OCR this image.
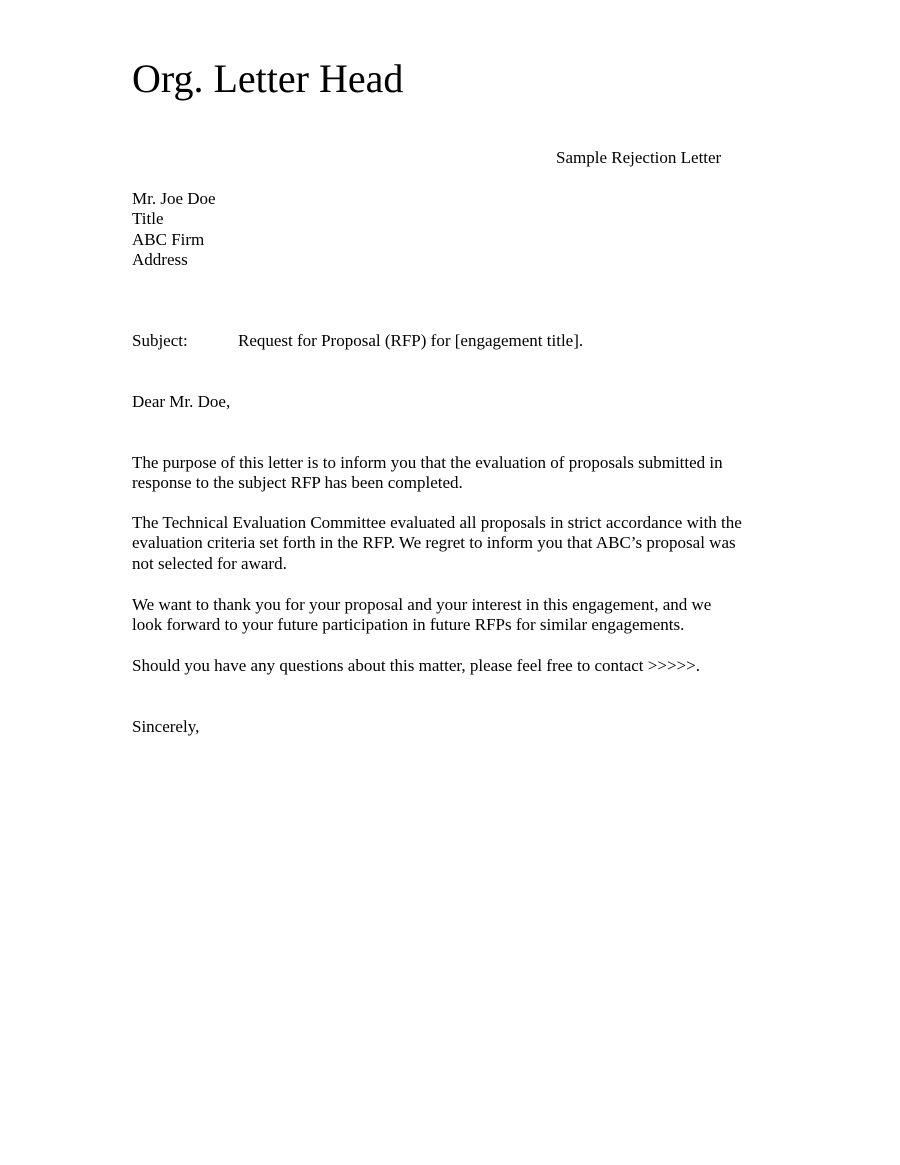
Org. Letter Head
Sample Rejection Letter
Mr. Joe Doe
Title
ABC Firm
Address
Subject:	Request for Proposal (RFP) for [engagement title].
Dear Mr. Doe,

The purpose of this letter is to inform you that the evaluation of proposals submitted in
response to the subject RFP has been completed.

The Technical Evaluation Committee evaluated all proposals in strict accordance with the
evaluation criteria set forth in the RFP. We regret to inform you that ABC’s proposal was
not selected for award.

We want to thank you for your proposal and your interest in this engagement, and we
look forward to your future participation in future RFPs for similar engagements.

Should you have any questions about this matter, please feel free to contact >>>>>.

Sincerely,
